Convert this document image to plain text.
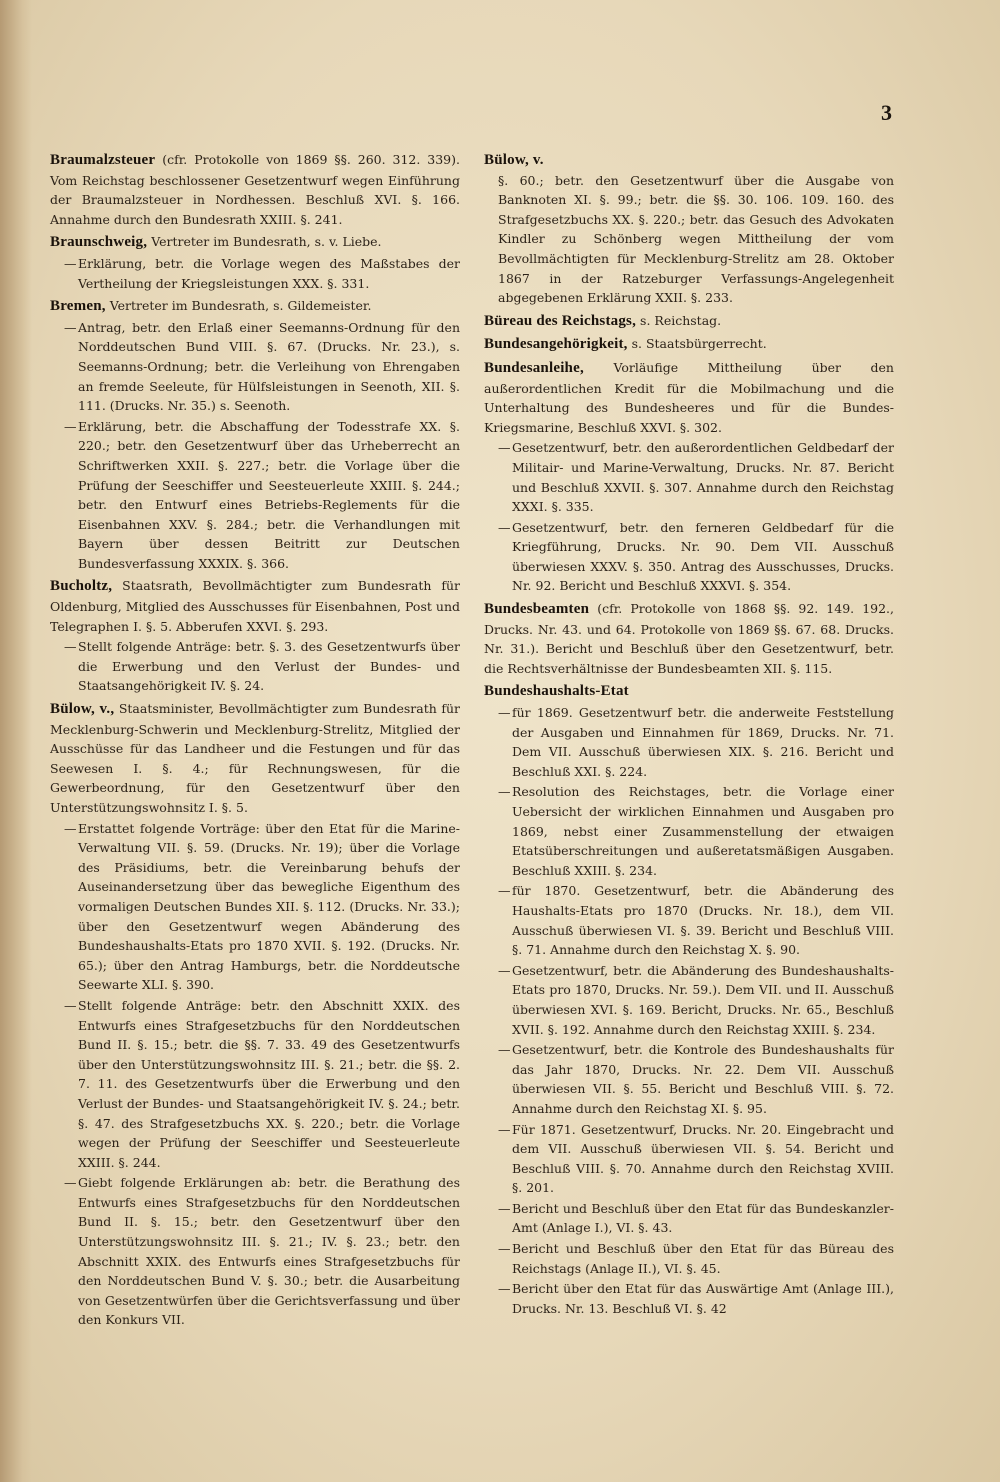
3
Braumalzsteuer (cfr. Protokolle von 1869 §§. 260. 312. 339). Vom Reichstag beschlossener Gesetzentwurf wegen Einführung der Braumalzsteuer in Nordhessen. Beschluß XVI. §. 166. Annahme durch den Bundesrath XXIII. §. 241.
Braunschweig, Vertreter im Bundesrath, s. v. Liebe.
— Erklärung, betr. die Vorlage wegen des Maßstabes der Vertheilung der Kriegsleistungen XXX. §. 331.
Bremen, Vertreter im Bundesrath, s. Gildemeister.
— Antrag, betr. den Erlaß einer Seemanns-Ordnung für den Norddeutschen Bund VIII. §. 67. (Drucks. Nr. 23.), s. Seemanns-Ordnung; betr. die Verleihung von Ehrengaben an fremde Seeleute, für Hülfsleistungen in Seenoth, XII. §. 111. (Drucks. Nr. 35.) s. Seenoth.
— Erklärung, betr. die Abschaffung der Todesstrafe XX. §. 220.; betr. den Gesetzentwurf über das Urheberrecht an Schriftwerken XXII. §. 227.; betr. die Vorlage über die Prüfung der Seeschiffer und Seesteuerleute XXIII. §. 244.; betr. den Entwurf eines Betriebs-Reglements für die Eisenbahnen XXV. §. 284.; betr. die Verhandlungen mit Bayern über dessen Beitritt zur Deutschen Bundesverfassung XXXIX. §. 366.
Bucholtz, Staatsrath, Bevollmächtigter zum Bundesrath für Oldenburg, Mitglied des Ausschusses für Eisenbahnen, Post und Telegraphen I. §. 5. Abberufen XXVI. §. 293.
— Stellt folgende Anträge: betr. §. 3. des Gesetzentwurfs über die Erwerbung und den Verlust der Bundes- und Staatsangehörigkeit IV. §. 24.
Bülow, v., Staatsminister, Bevollmächtigter zum Bundesrath für Mecklenburg-Schwerin und Mecklenburg-Strelitz, Mitglied der Ausschüsse für das Landheer und die Festungen und für das Seewesen I. §. 4.; für Rechnungswesen, für die Gewerbeordnung, für den Gesetzentwurf über den Unterstützungswohnsitz I. §. 5.
— Erstattet folgende Vorträge: über den Etat für die Marine-Verwaltung VII. §. 59. (Drucks. Nr. 19); über die Vorlage des Präsidiums, betr. die Vereinbarung behufs der Auseinandersetzung über das bewegliche Eigenthum des vormaligen Deutschen Bundes XII. §. 112. (Drucks. Nr. 33.); über den Gesetzentwurf wegen Abänderung des Bundeshaushalts-Etats pro 1870 XVII. §. 192. (Drucks. Nr. 65.); über den Antrag Hamburgs, betr. die Norddeutsche Seewarte XLI. §. 390.
— Stellt folgende Anträge: betr. den Abschnitt XXIX. des Entwurfs eines Strafgesetzbuchs für den Norddeutschen Bund II. §. 15.; betr. die §§. 7. 33. 49 des Gesetzentwurfs über den Unterstützungswohnsitz III. §. 21.; betr. die §§. 2. 7. 11. des Gesetzentwurfs über die Erwerbung und den Verlust der Bundes- und Staatsangehörigkeit IV. §. 24.; betr. §. 47. des Strafgesetzbuchs XX. §. 220.; betr. die Vorlage wegen der Prüfung der Seeschiffer und Seesteuerleute XXIII. §. 244.
— Giebt folgende Erklärungen ab: betr. die Berathung des Entwurfs eines Strafgesetzbuchs für den Norddeutschen Bund II. §. 15.; betr. den Gesetzentwurf über den Unterstützungswohnsitz III. §. 21.; IV. §. 23.; betr. den Abschnitt XXIX. des Entwurfs eines Strafgesetzbuchs für den Norddeutschen Bund V. §. 30.; betr. die Ausarbeitung von Gesetzentwürfen über die Gerichtsverfassung und über den Konkurs VII.
Bülow, v.
§. 60.; betr. den Gesetzentwurf über die Ausgabe von Banknoten XI. §. 99.; betr. die §§. 30. 106. 109. 160. des Strafgesetzbuchs XX. §. 220.; betr. das Gesuch des Advokaten Kindler zu Schönberg wegen Mittheilung der vom Bevollmächtigten für Mecklenburg-Strelitz am 28. Oktober 1867 in der Ratzeburger Verfassungs-Angelegenheit abgegebenen Erklärung XXII. §. 233.
Büreau des Reichstags, s. Reichstag.
Bundesangehörigkeit, s. Staatsbürgerrecht.
Bundesanleihe, Vorläufige Mittheilung über den außerordentlichen Kredit für die Mobilmachung und die Unterhaltung des Bundesheeres und für die Bundes-Kriegsmarine, Beschluß XXVI. §. 302.
— Gesetzentwurf, betr. den außerordentlichen Geldbedarf der Militair- und Marine-Verwaltung, Drucks. Nr. 87. Bericht und Beschluß XXVII. §. 307. Annahme durch den Reichstag XXXI. §. 335.
— Gesetzentwurf, betr. den ferneren Geldbedarf für die Kriegführung, Drucks. Nr. 90. Dem VII. Ausschuß überwiesen XXXV. §. 350. Antrag des Ausschusses, Drucks. Nr. 92. Bericht und Beschluß XXXVI. §. 354.
Bundesbeamten (cfr. Protokolle von 1868 §§. 92. 149. 192., Drucks. Nr. 43. und 64. Protokolle von 1869 §§. 67. 68. Drucks. Nr. 31.). Bericht und Beschluß über den Gesetzentwurf, betr. die Rechtsverhältnisse der Bundesbeamten XII. §. 115.
Bundeshaushalts-Etat
— für 1869. Gesetzentwurf betr. die anderweite Feststellung der Ausgaben und Einnahmen für 1869, Drucks. Nr. 71. Dem VII. Ausschuß überwiesen XIX. §. 216. Bericht und Beschluß XXI. §. 224.
— Resolution des Reichstages, betr. die Vorlage einer Uebersicht der wirklichen Einnahmen und Ausgaben pro 1869, nebst einer Zusammenstellung der etwaigen Etatsüberschreitungen und außeretatsmäßigen Ausgaben. Beschluß XXIII. §. 234.
— für 1870. Gesetzentwurf, betr. die Abänderung des Haushalts-Etats pro 1870 (Drucks. Nr. 18.), dem VII. Ausschuß überwiesen VI. §. 39. Bericht und Beschluß VIII. §. 71. Annahme durch den Reichstag X. §. 90.
— Gesetzentwurf, betr. die Abänderung des Bundeshaushalts-Etats pro 1870, Drucks. Nr. 59.). Dem VII. und II. Ausschuß überwiesen XVI. §. 169. Bericht, Drucks. Nr. 65., Beschluß XVII. §. 192. Annahme durch den Reichstag XXIII. §. 234.
— Gesetzentwurf, betr. die Kontrole des Bundeshaushalts für das Jahr 1870, Drucks. Nr. 22. Dem VII. Ausschuß überwiesen VII. §. 55. Bericht und Beschluß VIII. §. 72. Annahme durch den Reichstag XI. §. 95.
— Für 1871. Gesetzentwurf, Drucks. Nr. 20. Eingebracht und dem VII. Ausschuß überwiesen VII. §. 54. Bericht und Beschluß VIII. §. 70. Annahme durch den Reichstag XVIII. §. 201.
— Bericht und Beschluß über den Etat für das Bundeskanzler-Amt (Anlage I.), VI. §. 43.
— Bericht und Beschluß über den Etat für das Büreau des Reichstags (Anlage II.), VI. §. 45.
— Bericht über den Etat für das Auswärtige Amt (Anlage III.), Drucks. Nr. 13. Beschluß VI. §. 42
